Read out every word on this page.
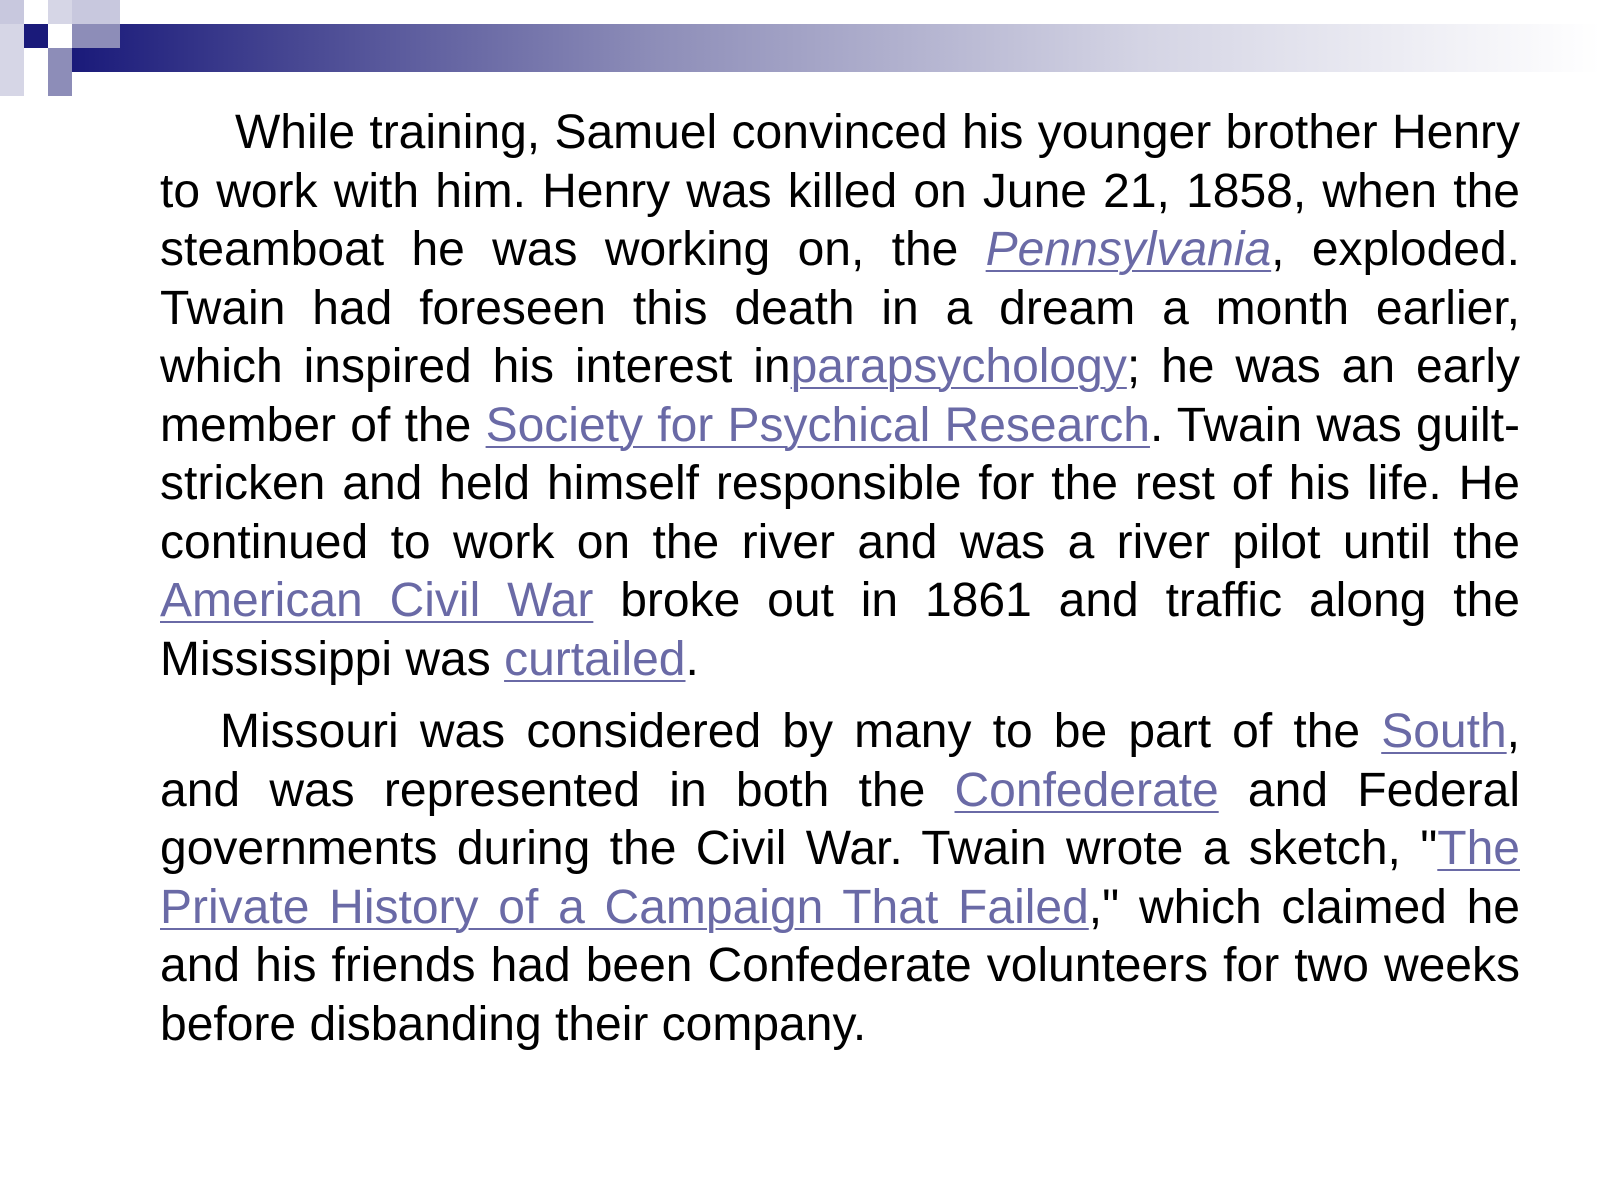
While training, Samuel convinced his younger brother Henry to work with him. Henry was killed on June 21, 1858, when the steamboat he was working on, the Pennsylvania, exploded. Twain had foreseen this death in a dream a month earlier, which inspired his interest inparapsychology; he was an early member of the Society for Psychical Research. Twain was guilt-stricken and held himself responsible for the rest of his life. He continued to work on the river and was a river pilot until the American Civil War broke out in 1861 and traffic along the Mississippi was curtailed.

Missouri was considered by many to be part of the South, and was represented in both the Confederate and Federal governments during the Civil War. Twain wrote a sketch, "The Private History of a Campaign That Failed," which claimed he and his friends had been Confederate volunteers for two weeks before disbanding their company.
